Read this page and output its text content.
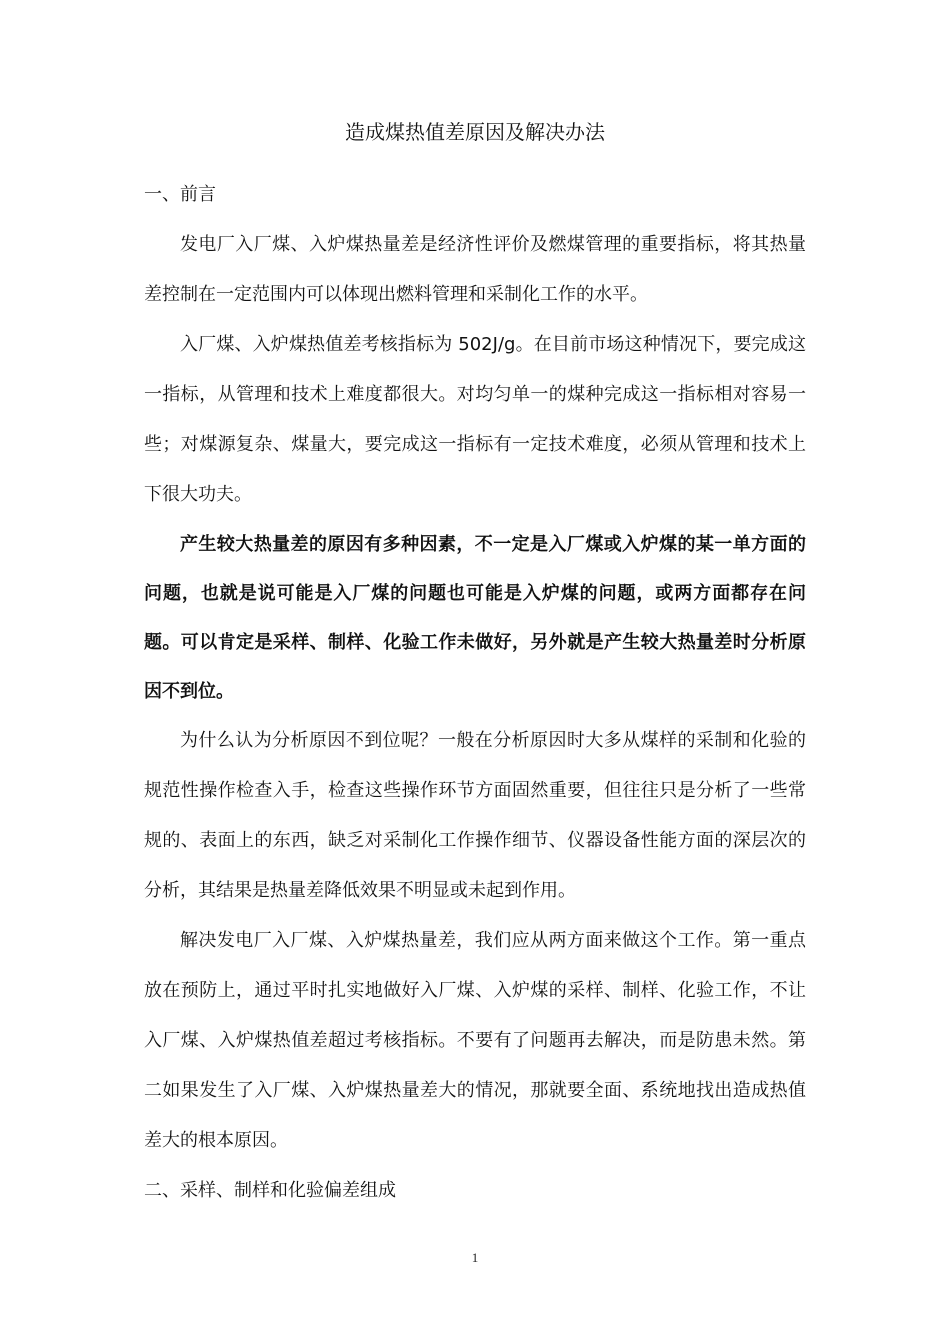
造成煤热值差原因及解决办法

一、前言

发电厂入厂煤、入炉煤热量差是经济性评价及燃煤管理的重要指标，将其热量差控制在一定范围内可以体现出燃料管理和采制化工作的水平。

入厂煤、入炉煤热值差考核指标为 502J/g。在目前市场这种情况下，要完成这一指标，从管理和技术上难度都很大。对均匀单一的煤种完成这一指标相对容易一些；对煤源复杂、煤量大，要完成这一指标有一定技术难度，必须从管理和技术上下很大功夫。

产生较大热量差的原因有多种因素，不一定是入厂煤或入炉煤的某一单方面的问题，也就是说可能是入厂煤的问题也可能是入炉煤的问题，或两方面都存在问题。可以肯定是采样、制样、化验工作未做好，另外就是产生较大热量差时分析原因不到位。

为什么认为分析原因不到位呢？一般在分析原因时大多从煤样的采制和化验的规范性操作检查入手，检查这些操作环节方面固然重要，但往往只是分析了一些常规的、表面上的东西，缺乏对采制化工作操作细节、仪器设备性能方面的深层次的分析，其结果是热量差降低效果不明显或未起到作用。

解决发电厂入厂煤、入炉煤热量差，我们应从两方面来做这个工作。第一重点放在预防上，通过平时扎实地做好入厂煤、入炉煤的采样、制样、化验工作，不让入厂煤、入炉煤热值差超过考核指标。不要有了问题再去解决，而是防患未然。第二如果发生了入厂煤、入炉煤热量差大的情况，那就要全面、系统地找出造成热值差大的根本原因。

二、采样、制样和化验偏差组成

1
